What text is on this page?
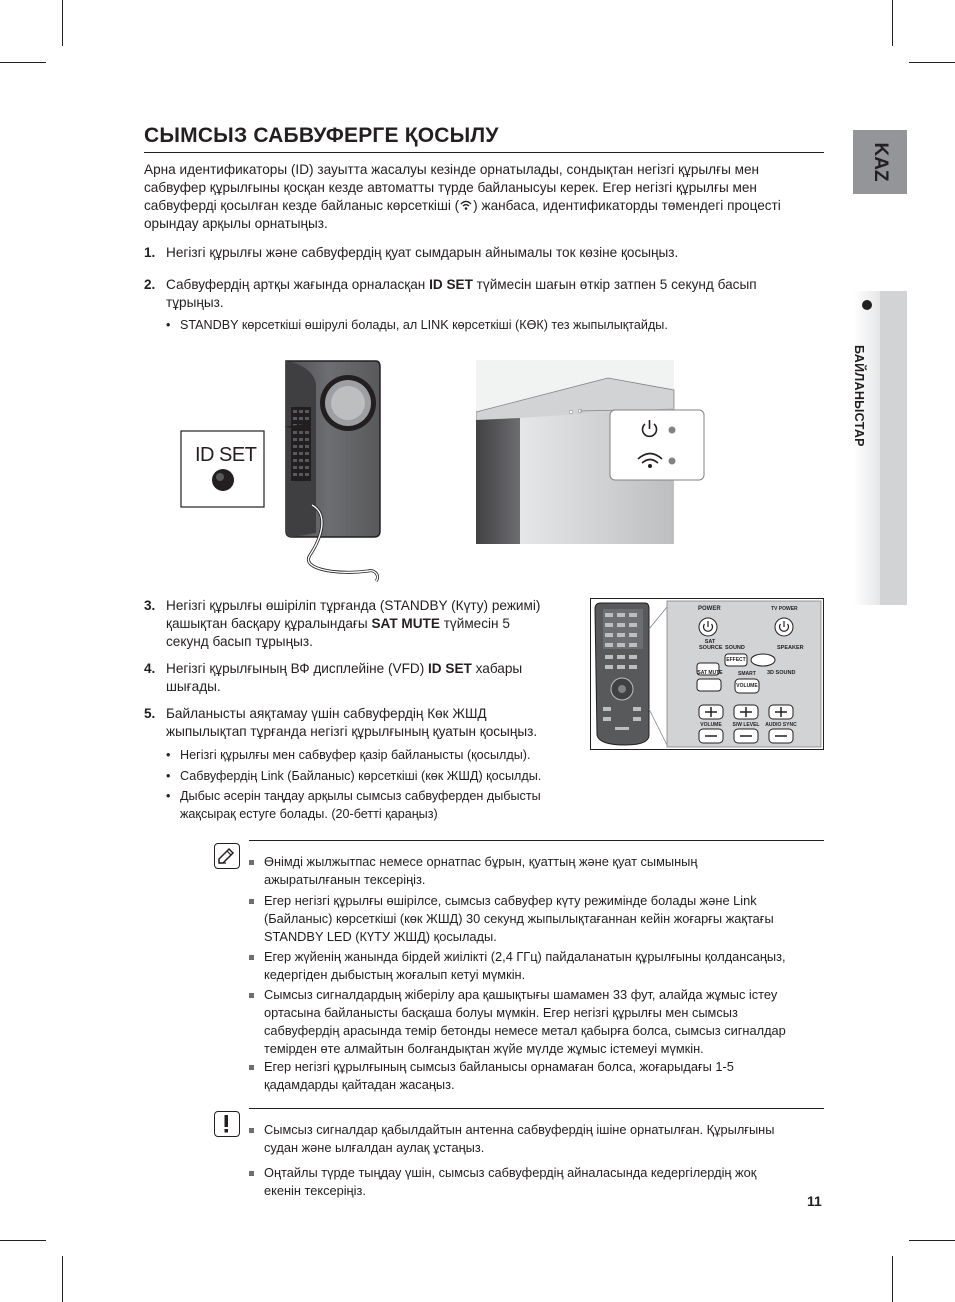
KAZ
БАЙЛАНЫСТАР
СЫМСЫЗ САБВУФЕРГЕ ҚОСЫЛУ
Арна идентификаторы (ID) зауытта жасалуы кезінде орнатылады, сондықтан негізгі құрылғы мен
сабвуфер құрылғыны қосқан кезде автоматты түрде байланысуы керек. Егер негізгі құрылғы мен
сабвуферді қосылған кезде байланыс көрсеткіші ( ) жанбаса, идентификаторды төмендегі процесті
орындау арқылы орнатыңыз.
1. Негізгі құрылғы және сабвуфердің қуат сымдарын айнымалы ток көзіне қосыңыз.
2. Сабвуфердің артқы жағында орналасқан ID SET түймесін шағын өткір затпен 5 секунд басып
тұрыңыз.
• STANDBY көрсеткіші өшірулі болады, ал LINK көрсеткіші (КӨК) тез жыпылықтайды.
ID SET
3. Негізгі құрылғы өшіріліп тұрғанда (STANDBY (Күту) режимі)
қашықтан басқару құралындағы SAT MUTE түймесін 5
секунд басып тұрыңыз.
4. Негізгі құрылғының ВФ дисплейіне (VFD) ID SET хабары
шығады.
5. Байланысты аяқтамау үшін сабвуфердің Көк ЖШД
жыпылықтап тұрғанда негізгі құрылғының қуатын қосыңыз.
• Негізгі құрылғы мен сабвуфер қазір байланысты (қосылды).
• Сабвуфердің Link (Байланыс) көрсеткіші (көк ЖШД) қосылды.
• Дыбыс әсерін таңдау арқылы сымсыз сабвуферден дыбысты
жақсырақ естуге болады. (20-бетті қараңыз)
POWER	TV POWER
SAT
SOURCE SOUND	SPEAKER
EFFECT
SMART
SAT MUTE
VOLUME
3D SOUND
VOLUME	S/W LEVEL	AUDIO SYNC
Өнімді жылжытпас немесе орнатпас бұрын, қуаттың және қуат сымының
ажыратылғанын тексеріңіз.
Егер негізгі құрылғы өшірілсе, сымсыз сабвуфер күту режимінде болады және Link
(Байланыс) көрсеткіші (көк ЖШД) 30 секунд жыпылықтағаннан кейін жоғарғы жақтағы
STANDBY LED (КҮТУ ЖШД) қосылады.
Егер жүйенің жанында бірдей жиілікті (2,4 ГГц) пайдаланатын құрылғыны қолдансаңыз,
кедергіден дыбыстың жоғалып кетуі мүмкін.
Сымсыз сигналдардың жіберілу ара қашықтығы шамамен 33 фут, алайда жұмыс істеу
ортасына байланысты басқаша болуы мүмкін. Егер негізгі құрылғы мен сымсыз
сабвуфердің арасында темір бетонды немесе метал қабырға болса, сымсыз сигналдар
темірден өте алмайтын болғандықтан жүйе мүлде жұмыс істемеуі мүмкін.
Егер негізгі құрылғының сымсыз байланысы орнамаған болса, жоғарыдағы 1-5
қадамдарды қайтадан жасаңыз.
Сымсыз сигналдар қабылдайтын антенна сабвуфердің ішіне орнатылған. Құрылғыны
судан және ылғалдан аулақ ұстаңыз.
Оңтайлы түрде тыңдау үшін, сымсыз сабвуфердің айналасында кедергілердің жоқ
екенін тексеріңіз.
11
